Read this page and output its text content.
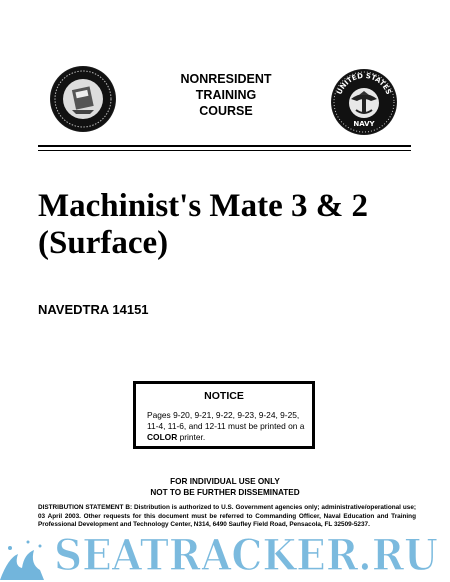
NONRESIDENT
TRAINING
COURSE
UNITED STATES
NAVY
Machinist's Mate 3 & 2
(Surface)
NAVEDTRA 14151
NOTICE
Pages 9-20, 9-21, 9-22, 9-23, 9-24, 9-25, 11-4, 11-6, and 12-11 must be printed on a COLOR printer.
FOR INDIVIDUAL USE ONLY
NOT TO BE FURTHER DISSEMINATED
DISTRIBUTION STATEMENT B: Distribution is authorized to U.S. Government agencies only; administrative/operational use; 03 April 2003. Other requests for this document must be referred to Commanding Officer, Naval Education and Training Professional Development and Technology Center, N314, 6490 Saufley Field Road, Pensacola, FL 32509-5237.
SEATRACKER.RU
